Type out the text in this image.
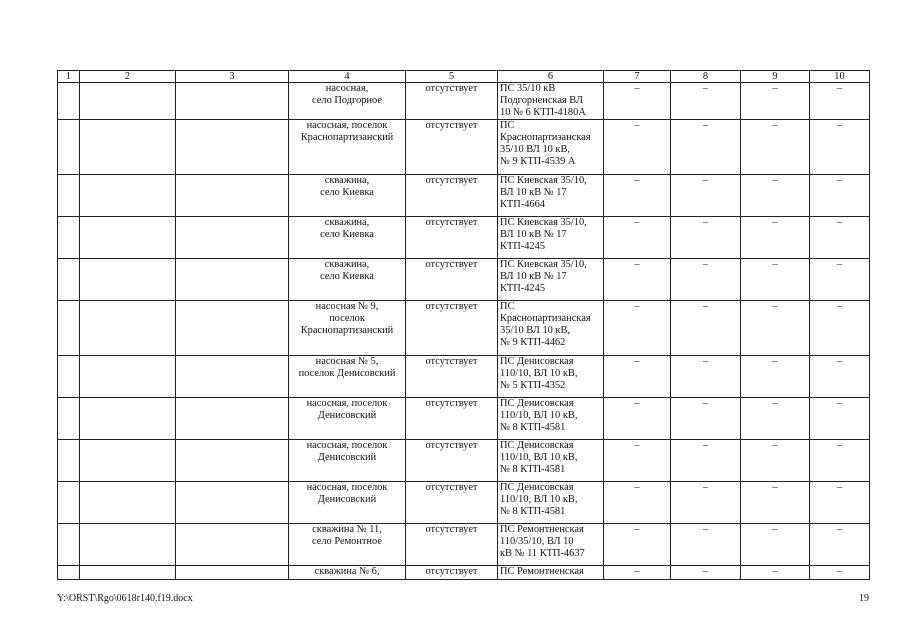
1	2	3	4	5	6	7	8	9	10
			насосная,
село Подгорное	отсутствует	ПС 35/10 кВ
Подгорненская ВЛ
10 № 6 КТП-4180А	–	–	–	–
			насосная, поселок
Краснопартизанский	отсутствует	ПС
Краснопартизанская
35/10 ВЛ 10 кВ,
№ 9 КТП-4539 А	–	–	–	–
			скважина,
село Киевка	отсутствует	ПС Киевская 35/10,
ВЛ 10 кВ № 17
КТП-4664	–	–	–	–
			скважина,
село Киевка	отсутствует	ПС Киевская 35/10,
ВЛ 10 кВ № 17
КТП-4245	–	–	–	–
			скважина,
село Киевка	отсутствует	ПС Киевская 35/10,
ВЛ 10 кВ № 17
КТП-4245	–	–	–	–
			насосная № 9,
поселок
Краснопартизанский	отсутствует	ПС
Краснопартизанская
35/10 ВЛ 10 кВ,
№ 9 КТП-4462	–	–	–	–
			насосная № 5,
поселок Денисовский	отсутствует	ПС Денисовская
110/10, ВЛ 10 кВ,
№ 5 КТП-4352	–	–	–	–
			насосная, поселок
Денисовский	отсутствует	ПС Денисовская
110/10, ВЛ 10 кВ,
№ 8 КТП-4581	–	–	–	–
			насосная, поселок
Денисовский	отсутствует	ПС Денисовская
110/10, ВЛ 10 кВ,
№ 8 КТП-4581	–	–	–	–
			насосная, поселок
Денисовский	отсутствует	ПС Денисовская
110/10, ВЛ 10 кВ,
№ 8 КТП-4581	–	–	–	–
			скважина № 11,
село Ремонтное	отсутствует	ПС Ремонтненская
110/35/10, ВЛ 10
кВ № 11 КТП-4637	–	–	–	–
			скважина № 6,	отсутствует	ПС Ремонтненская	–	–	–	–
Y:\ORST\Rgo\0618r140.f19.docx	19
